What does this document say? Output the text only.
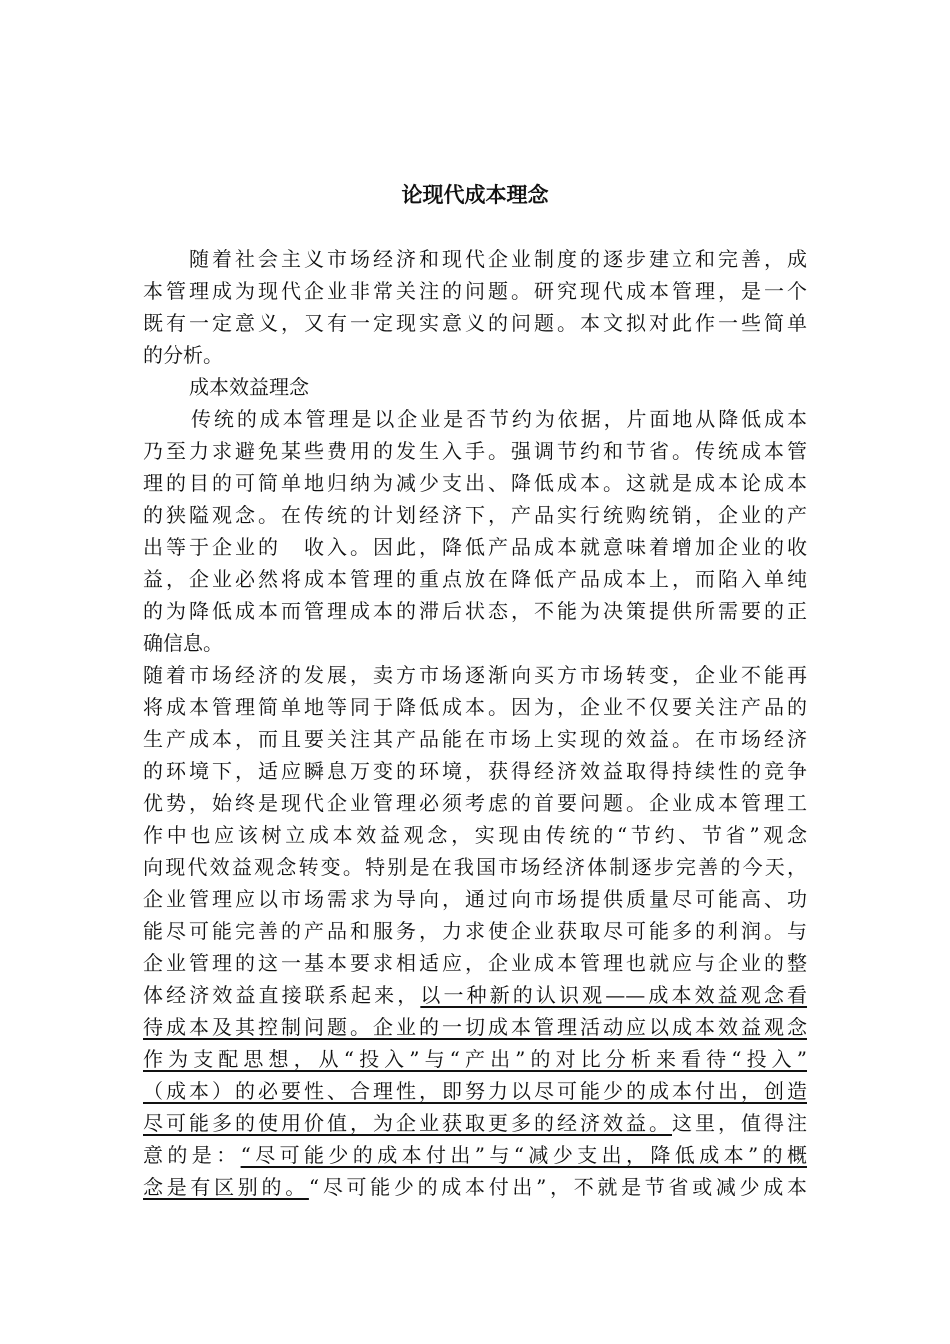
论现代成本理念

随着社会主义市场经济和现代企业制度的逐步建立和完善，成

本管理成为现代企业非常关注的问题。研究现代成本管理，是一个

既有一定意义，又有一定现实意义的问题。本文拟对此作一些简单

的分析。

成本效益理念

传统的成本管理是以企业是否节约为依据，片面地从降低成本

乃至力求避免某些费用的发生入手。强调节约和节省。传统成本管

理的目的可简单地归纳为减少支出、降低成本。这就是成本论成本

的狭隘观念。在传统的计划经济下，产品实行统购统销，企业的产

出等于企业的　收入。因此，降低产品成本就意味着增加企业的收

益，企业必然将成本管理的重点放在降低产品成本上，而陷入单纯

的为降低成本而管理成本的滞后状态，不能为决策提供所需要的正

确信息。

随着市场经济的发展，卖方市场逐渐向买方市场转变，企业不能再

将成本管理简单地等同于降低成本。因为，企业不仅要关注产品的

生产成本，而且要关注其产品能在市场上实现的效益。在市场经济

的环境下，适应瞬息万变的环境，获得经济效益取得持续性的竞争

优势，始终是现代企业管理必须考虑的首要问题。企业成本管理工

作中也应该树立成本效益观念，实现由传统的“节约、节省”观念

向现代效益观念转变。特别是在我国市场经济体制逐步完善的今天，

企业管理应以市场需求为导向，通过向市场提供质量尽可能高、功

能尽可能完善的产品和服务，力求使企业获取尽可能多的利润。与

企业管理的这一基本要求相适应，企业成本管理也就应与企业的整

体经济效益直接联系起来，以一种新的认识观——成本效益观念看

待成本及其控制问题。企业的一切成本管理活动应以成本效益观念

作为支配思想，从“投入”与“产出”的对比分析来看待“投入”

（成本）的必要性、合理性，即努力以尽可能少的成本付出，创造

尽可能多的使用价值，为企业获取更多的经济效益。这里，值得注

意的是：“尽可能少的成本付出”与“减少支出，降低成本”的概

念是有区别的。“尽可能少的成本付出”，不就是节省或减少成本
